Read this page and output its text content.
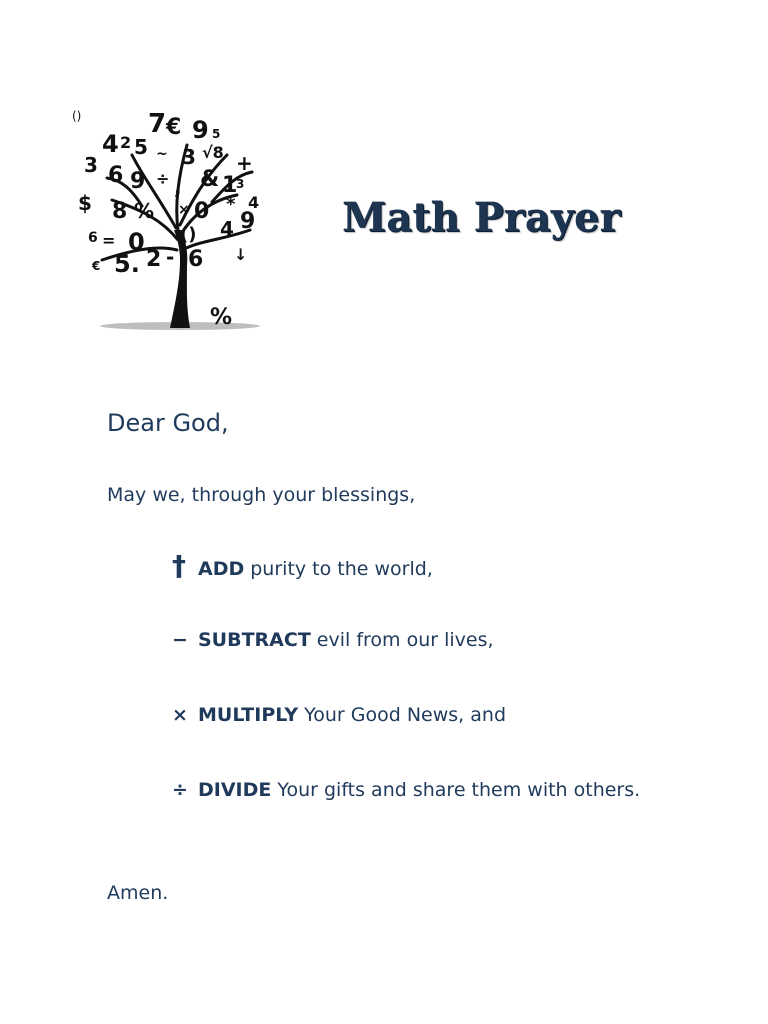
()	7 € 9 5
4 2 5 ~ 3 √8
3 6 9 ÷ , & 1
+
3
$ 8 % × 0 * 4
6 = 0 () 4 9
€ 5. 2 - 6 ↓
%
Math Prayer
Dear God,
May we, through your blessings,
† ADD purity to the world,
− SUBTRACT evil from our lives,
× MULTIPLY Your Good News, and
÷ DIVIDE Your gifts and share them with others.
Amen.
